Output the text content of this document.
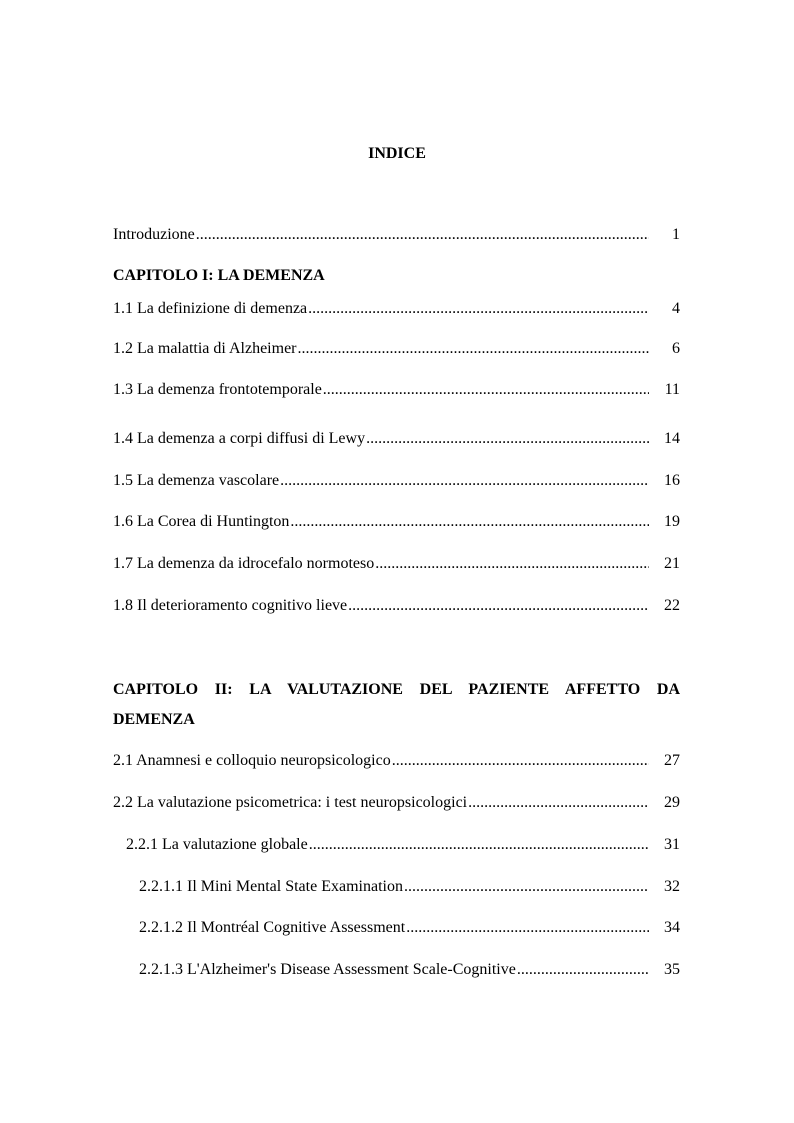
INDICE
Introduzione .....	1
CAPITOLO I: LA DEMENZA
1.1 La definizione di demenza .....	4
1.2 La malattia di Alzheimer .....	6
1.3 La demenza frontotemporale .....	11
1.4 La demenza a corpi diffusi di Lewy .....	14
1.5 La demenza vascolare .....	16
1.6 La Corea di Huntington .....	19
1.7 La demenza da idrocefalo normoteso .....	21
1.8 Il deterioramento cognitivo lieve .....	22
CAPITOLO II: LA VALUTAZIONE DEL PAZIENTE AFFETTO DA
DEMENZA
2.1 Anamnesi e colloquio neuropsicologico .....	27
2.2 La valutazione psicometrica: i test neuropsicologici .....	29
2.2.1 La valutazione globale .....	31
2.2.1.1 Il Mini Mental State Examination .....	32
2.2.1.2 Il Montréal Cognitive Assessment .....	34
2.2.1.3 L'Alzheimer's Disease Assessment Scale-Cognitive .....	35
